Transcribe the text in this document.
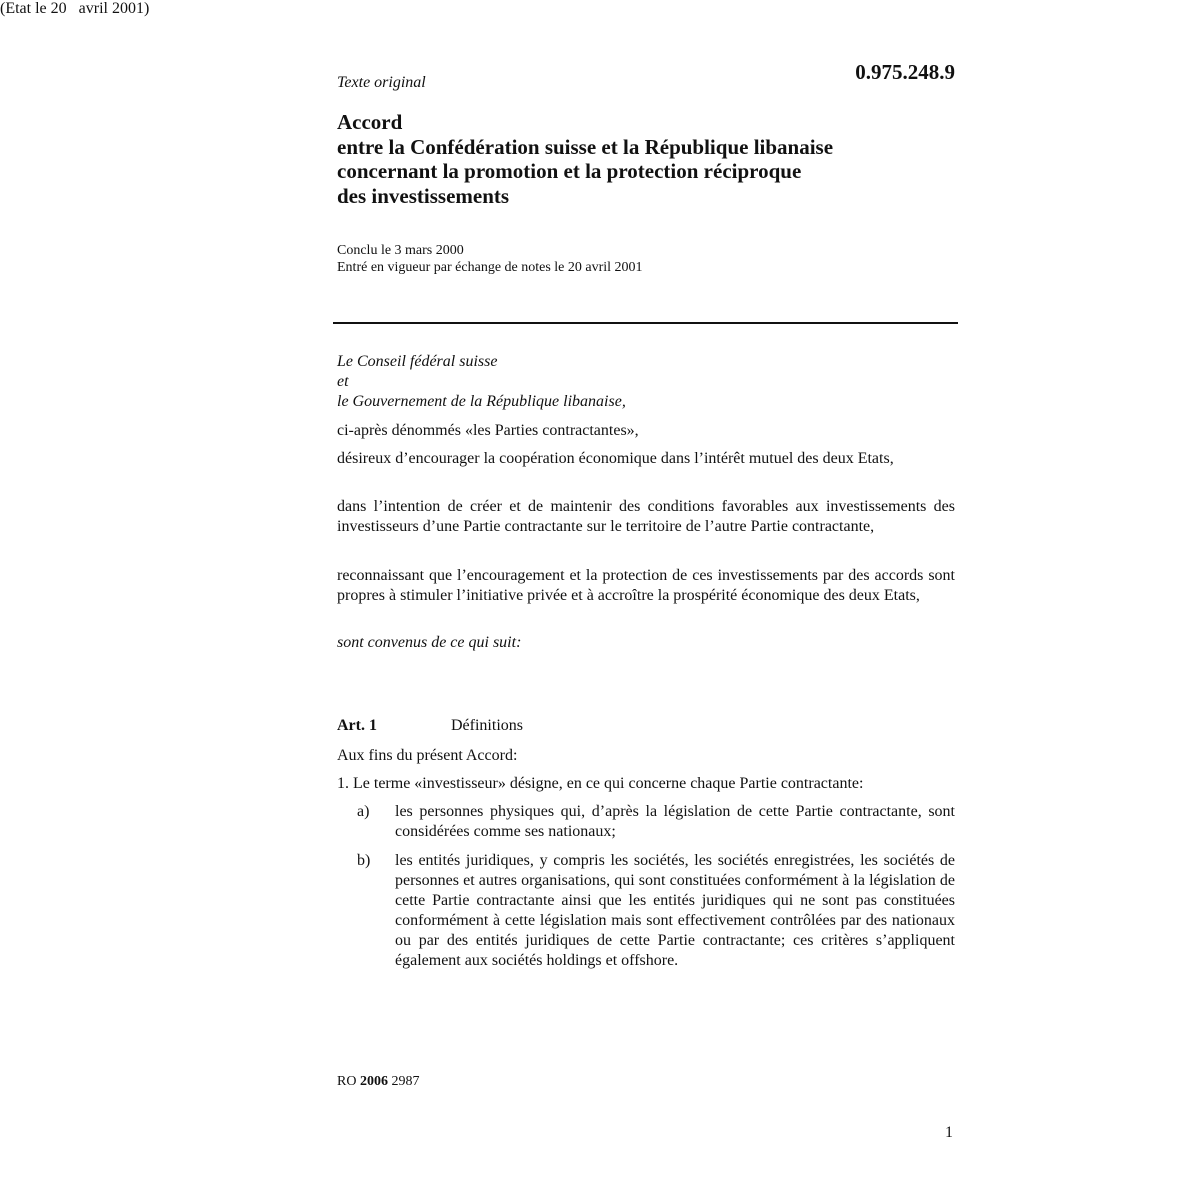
Texte original	0.975.248.9
Accord
entre la Confédération suisse et la République libanaise
concernant la promotion et la protection réciproque
des investissements
Conclu le 3 mars 2000
Entré en vigueur par échange de notes le 20 avril 2001
(Etat le 20   avril 2001)
Le Conseil fédéral suisse
et
le Gouvernement de la République libanaise,
ci-après dénommés «les Parties contractantes»,
désireux d’encourager la coopération économique dans l’intérêt mutuel des deux Etats,
dans l’intention de créer et de maintenir des conditions favorables aux investissements des investisseurs d’une Partie contractante sur le territoire de l’autre Partie contractante,
reconnaissant que l’encouragement et la protection de ces investissements par des accords sont propres à stimuler l’initiative privée et à accroître la prospérité économique des deux Etats,
sont convenus de ce qui suit:
Art. 1	Définitions
Aux fins du présent Accord:
1. Le terme «investisseur» désigne, en ce qui concerne chaque Partie contractante:
a) les personnes physiques qui, d’après la législation de cette Partie contractante, sont considérées comme ses nationaux;
b) les entités juridiques, y compris les sociétés, les sociétés enregistrées, les sociétés de personnes et autres organisations, qui sont constituées conformément à la législation de cette Partie contractante ainsi que les entités juridiques qui ne sont pas constituées conformément à cette législation mais sont effectivement contrôlées par des nationaux ou par des entités juridiques de cette Partie contractante; ces critères s’appliquent également aux sociétés holdings et offshore.
RO 2006 2987
1
